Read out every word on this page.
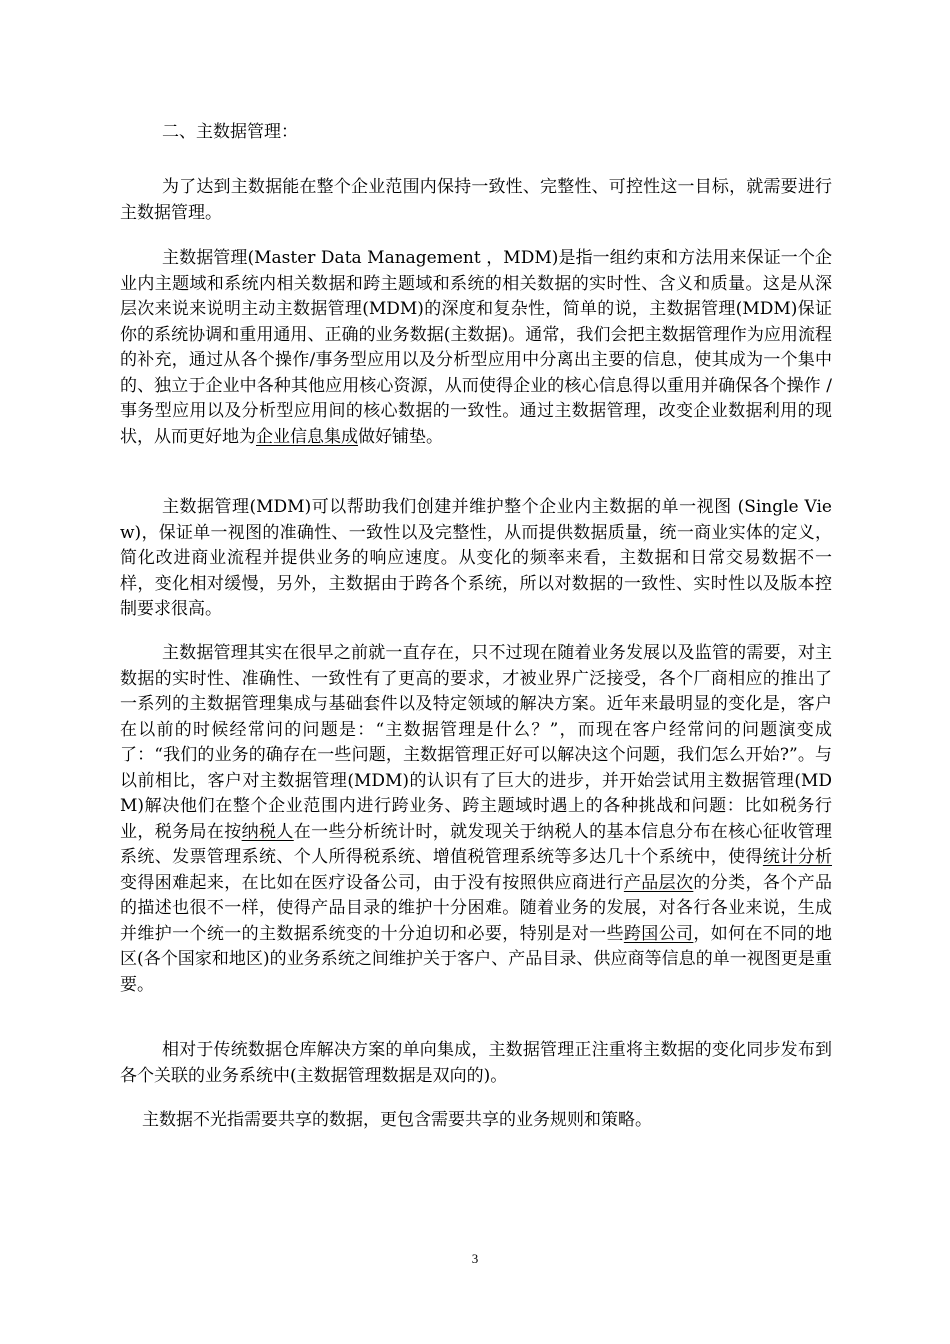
二、主数据管理：

为了达到主数据能在整个企业范围内保持一致性、完整性、可控性这一目标，就需要进行主数据管理。

主数据管理(Master Data Management ，MDM)是指一组约束和方法用来保证一个企业内主题域和系统内相关数据和跨主题域和系统的相关数据的实时性、含义和质量。这是从深层次来说来说明主动主数据管理(MDM)的深度和复杂性，简单的说，主数据管理(MDM)保证你的系统协调和重用通用、正确的业务数据(主数据)。通常，我们会把主数据管理作为应用流程的补充，通过从各个操作/事务型应用以及分析型应用中分离出主要的信息，使其成为一个集中的、独立于企业中各种其他应用核心资源，从而使得企业的核心信息得以重用并确保各个操作 /事务型应用以及分析型应用间的核心数据的一致性。通过主数据管理，改变企业数据利用的现状，从而更好地为企业信息集成做好铺垫。

主数据管理(MDM)可以帮助我们创建并维护整个企业内主数据的单一视图 (Single View)，保证单一视图的准确性、一致性以及完整性，从而提供数据质量，统一商业实体的定义，简化改进商业流程并提供业务的响应速度。从变化的频率来看，主数据和日常交易数据不一样，变化相对缓慢，另外，主数据由于跨各个系统，所以对数据的一致性、实时性以及版本控制要求很高。

主数据管理其实在很早之前就一直存在，只不过现在随着业务发展以及监管的需要，对主数据的实时性、准确性、一致性有了更高的要求，才被业界广泛接受，各个厂商相应的推出了一系列的主数据管理集成与基础套件以及特定领域的解决方案。近年来最明显的变化是，客户在以前的时候经常问的问题是：“主数据管理是什么？”，而现在客户经常问的问题演变成了：“我们的业务的确存在一些问题，主数据管理正好可以解决这个问题，我们怎么开始?”。与以前相比，客户对主数据管理(MDM)的认识有了巨大的进步，并开始尝试用主数据管理(MDM)解决他们在整个企业范围内进行跨业务、跨主题域时遇上的各种挑战和问题：比如税务行业，税务局在按纳税人在一些分析统计时，就发现关于纳税人的基本信息分布在核心征收管理系统、发票管理系统、个人所得税系统、增值税管理系统等多达几十个系统中，使得统计分析变得困难起来，在比如在医疗设备公司，由于没有按照供应商进行产品层次的分类，各个产品的描述也很不一样，使得产品目录的维护十分困难。随着业务的发展，对各行各业来说，生成并维护一个统一的主数据系统变的十分迫切和必要，特别是对一些跨国公司，如何在不同的地区(各个国家和地区)的业务系统之间维护关于客户、产品目录、供应商等信息的单一视图更是重要。

相对于传统数据仓库解决方案的单向集成，主数据管理正注重将主数据的变化同步发布到各个关联的业务系统中(主数据管理数据是双向的)。

主数据不光指需要共享的数据，更包含需要共享的业务规则和策略。

3
